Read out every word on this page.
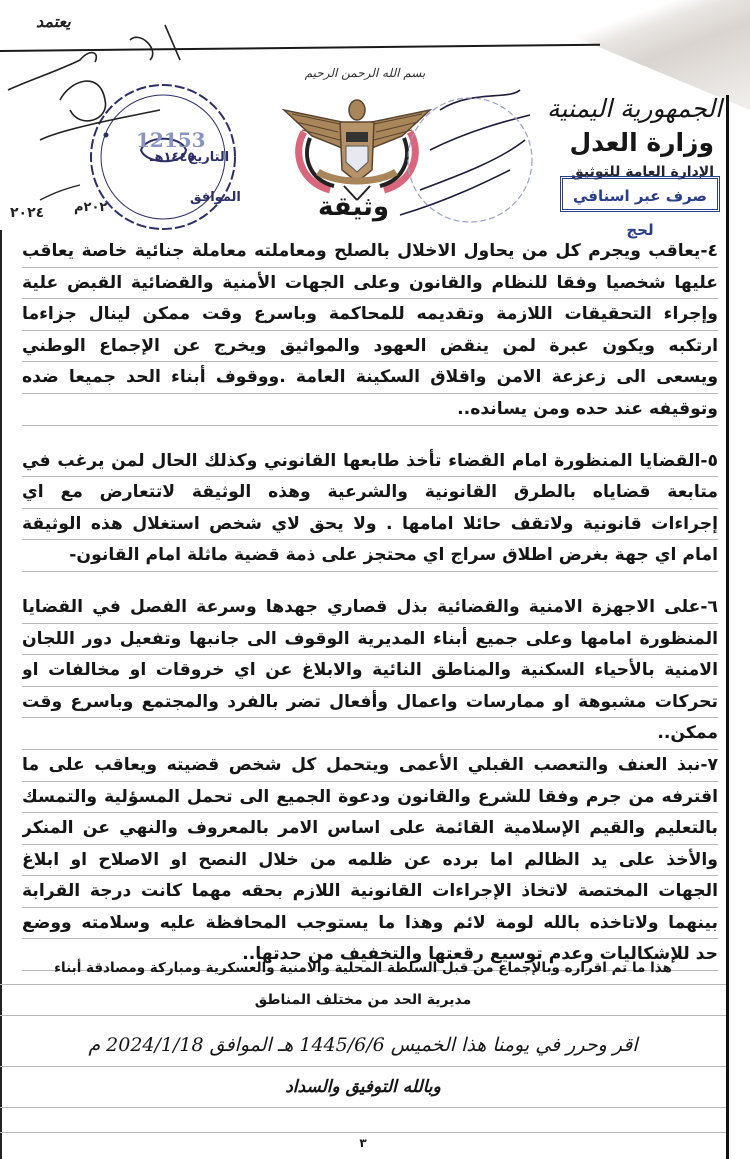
الجمهورية اليمنية
وزارة العدل
الإدارة العامة للتوثيق
صرف عبر اسنافي لحج
بسم الله الرحمن الرحيم
وثيقة
12153
التاريخ
١٤٤٥هـ
الموافق
٢٠٢م
يعتمد
٢٠٢٤

٤-يعاقب ويجرم كل من يحاول الاخلال بالصلح ومعاملته معاملة جنائية خاصة يعاقب
عليها شخصيا وفقا للنظام والقانون وعلى الجهات الأمنية والقضائية القبض علية
وإجراء التحقيقات اللازمة وتقديمه للمحاكمة وباسرع وقت ممكن لينال جزاءما
ارتكبه ويكون عبرة لمن ينقض العهود والمواثيق ويخرج عن الإجماع الوطني
ويسعى الى زعزعة الامن واقلاق السكينة العامة .ووقوف أبناء الحد جميعا ضده
وتوقيفه عند حده ومن يسانده..

٥-القضايا المنظورة امام القضاء تأخذ طابعها القانوني وكذلك الحال لمن يرغب في
متابعة قضاياه بالطرق القانونية والشرعية وهذه الوثيقة لاتتعارض مع اي
إجراءات قانونية ولاتقف حائلا امامها . ولا يحق لاي شخص استغلال هذه الوثيقة
امام اي جهة بغرض اطلاق سراج اي محتجز على ذمة قضية ماثلة امام القانون-

٦-على الاجهزة الامنية والقضائية بذل قصاري جهدها وسرعة الفصل في القضايا
المنظورة امامها وعلى جميع أبناء المديرية الوقوف الى جانبها وتفعيل دور اللجان
الامنية بالأحياء السكنية والمناطق النائية والابلاغ عن اي خروقات او مخالفات او
تحركات مشبوهة او ممارسات واعمال وأفعال تضر بالفرد والمجتمع وباسرع وقت
ممكن..

٧-نبذ العنف والتعصب القبلي الأعمى ويتحمل كل شخص قضيته ويعاقب على ما
اقترفه من جرم وفقا للشرع والقانون ودعوة الجميع الى تحمل المسؤلية والتمسك
بالتعليم والقيم الإسلامية القائمة على اساس الامر بالمعروف والنهي عن المنكر
والأخذ على يد الظالم اما برده عن ظلمه من خلال النصح او الاصلاح او ابلاغ
الجهات المختصة لاتخاذ الإجراءات القانونية اللازم بحقه مهما كانت درجة القرابة
بينهما ولاتاخذه بالله لومة لائم وهذا ما يستوجب المحافظة عليه وسلامته ووضع
حد للإشكاليات وعدم توسيع رقعتها والتخفيف من حدتها..

هذا ما تم اقراره وبالإجماع من قبل السلطة المحلية والامنية والعسكرية ومباركة ومصادقة أبناء
مديرية الحد من مختلف المناطق
اقر وحرر في يومنا هذا الخميس 1445/6/6 هـ الموافق 2024/1/18 م
وبالله التوفيق والسداد
٣
